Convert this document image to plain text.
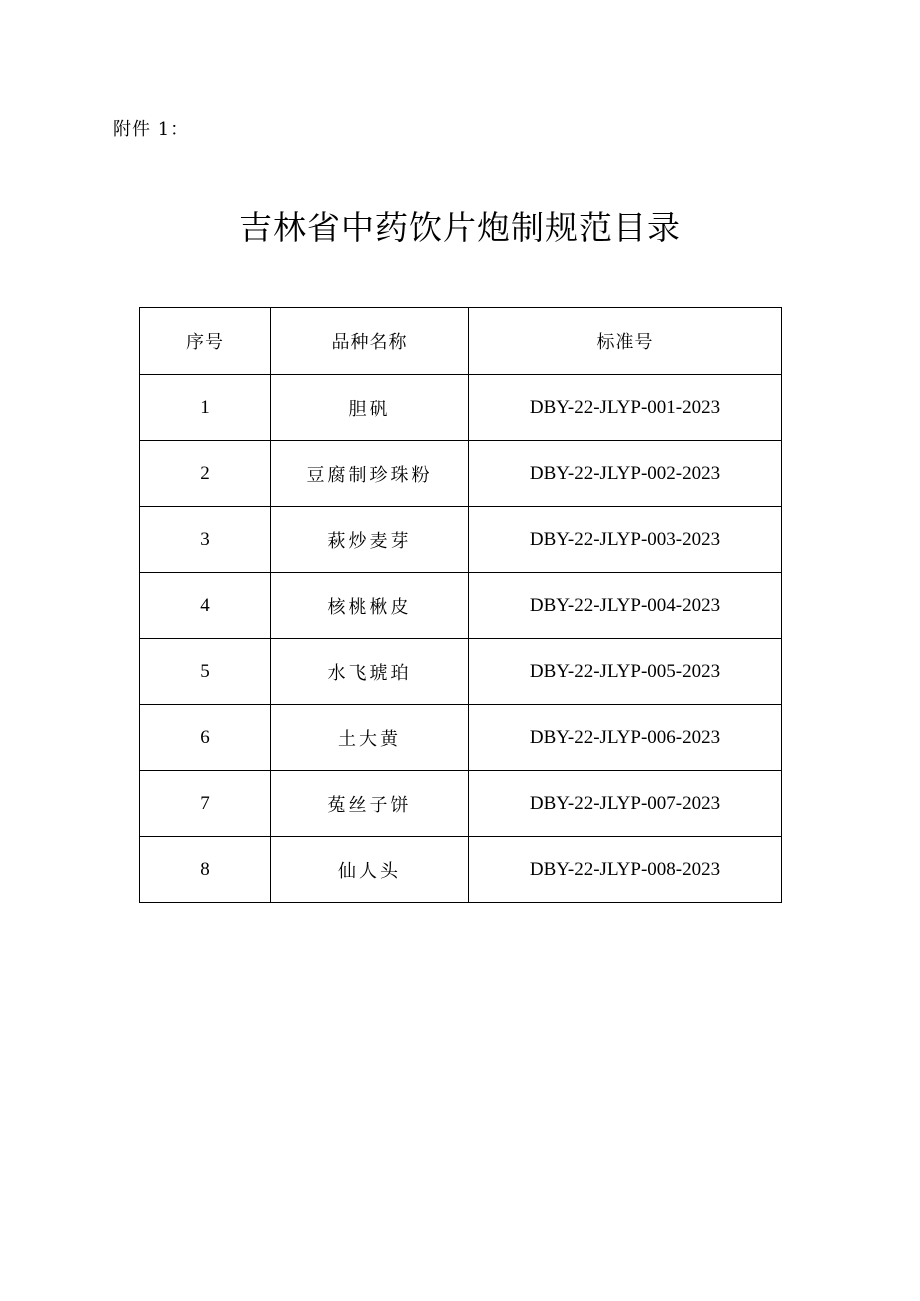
附件 1：
吉林省中药饮片炮制规范目录
序号	品种名称	标准号
1	胆矾	DBY-22-JLYP-001-2023
2	豆腐制珍珠粉	DBY-22-JLYP-002-2023
3	萩炒麦芽	DBY-22-JLYP-003-2023
4	核桃楸皮	DBY-22-JLYP-004-2023
5	水飞琥珀	DBY-22-JLYP-005-2023
6	土大黄	DBY-22-JLYP-006-2023
7	菟丝子饼	DBY-22-JLYP-007-2023
8	仙人头	DBY-22-JLYP-008-2023
